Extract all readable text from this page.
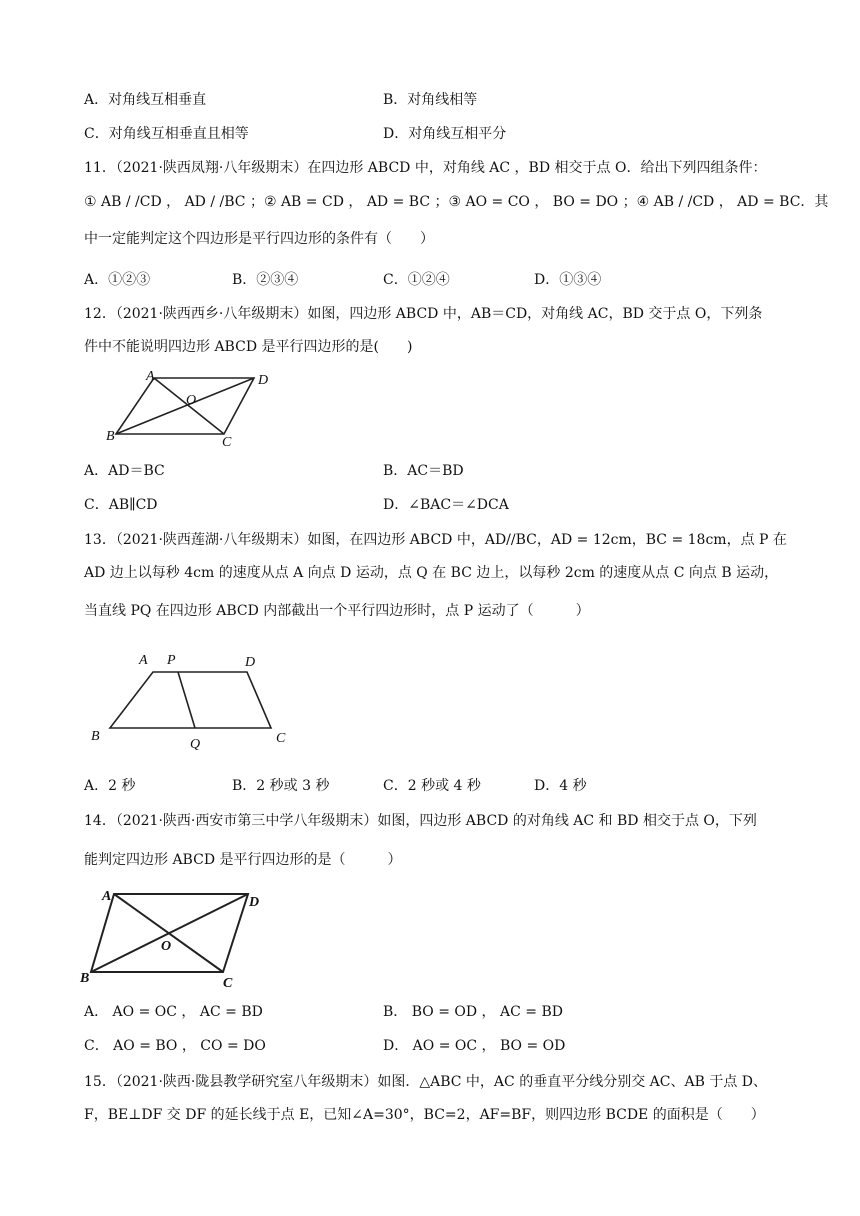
A．对角线互相垂直	B．对角线相等
C．对角线互相垂直且相等	D．对角线互相平分
11．（2021·陕西凤翔·八年级期末）在四边形 ABCD 中，对角线 AC ，BD 相交于点 O．给出下列四组条件：
① AB / /CD ， AD / /BC ；② AB = CD ， AD = BC ；③ AO = CO ， BO = DO ；④ AB / /CD ， AD = BC．其
中一定能判定这个四边形是平行四边形的条件有（　　）
A．①②③	B．②③④	C．①②④	D．①③④
12．（2021·陕西西乡·八年级期末）如图，四边形 ABCD 中，AB＝CD，对角线 AC，BD 交于点 O，下列条
件中不能说明四边形 ABCD 是平行四边形的是(　　)
A	D
O
B	C
A．AD＝BC	B．AC＝BD
C．AB∥CD	D．∠BAC＝∠DCA
13．（2021·陕西莲湖·八年级期末）如图，在四边形 ABCD 中，AD//BC，AD = 12cm，BC = 18cm，点 P 在
AD 边上以每秒 4cm 的速度从点 A 向点 D 运动，点 Q 在 BC 边上，以每秒 2cm 的速度从点 C 向点 B 运动，
当直线 PQ 在四边形 ABCD 内部截出一个平行四边形时，点 P 运动了（　　　）
A P	D
B
Q	C
A．2 秒	B．2 秒或 3 秒	C．2 秒或 4 秒	D．4 秒
14．（2021·陕西·西安市第三中学八年级期末）如图，四边形 ABCD 的对角线 AC 和 BD 相交于点 O，下列
能判定四边形 ABCD 是平行四边形的是（　　　）
A	D
O
B	C
A． AO = OC ， AC = BD	B． BO = OD ， AC = BD
C． AO = BO ， CO = DO	D． AO = OC ， BO = OD
15．（2021·陕西·陇县教学研究室八年级期末）如图．△ABC 中，AC 的垂直平分线分别交 AC、AB 于点 D、
F，BE⊥DF 交 DF 的延长线于点 E，已知∠A=30°，BC=2，AF=BF，则四边形 BCDE 的面积是（　　）
